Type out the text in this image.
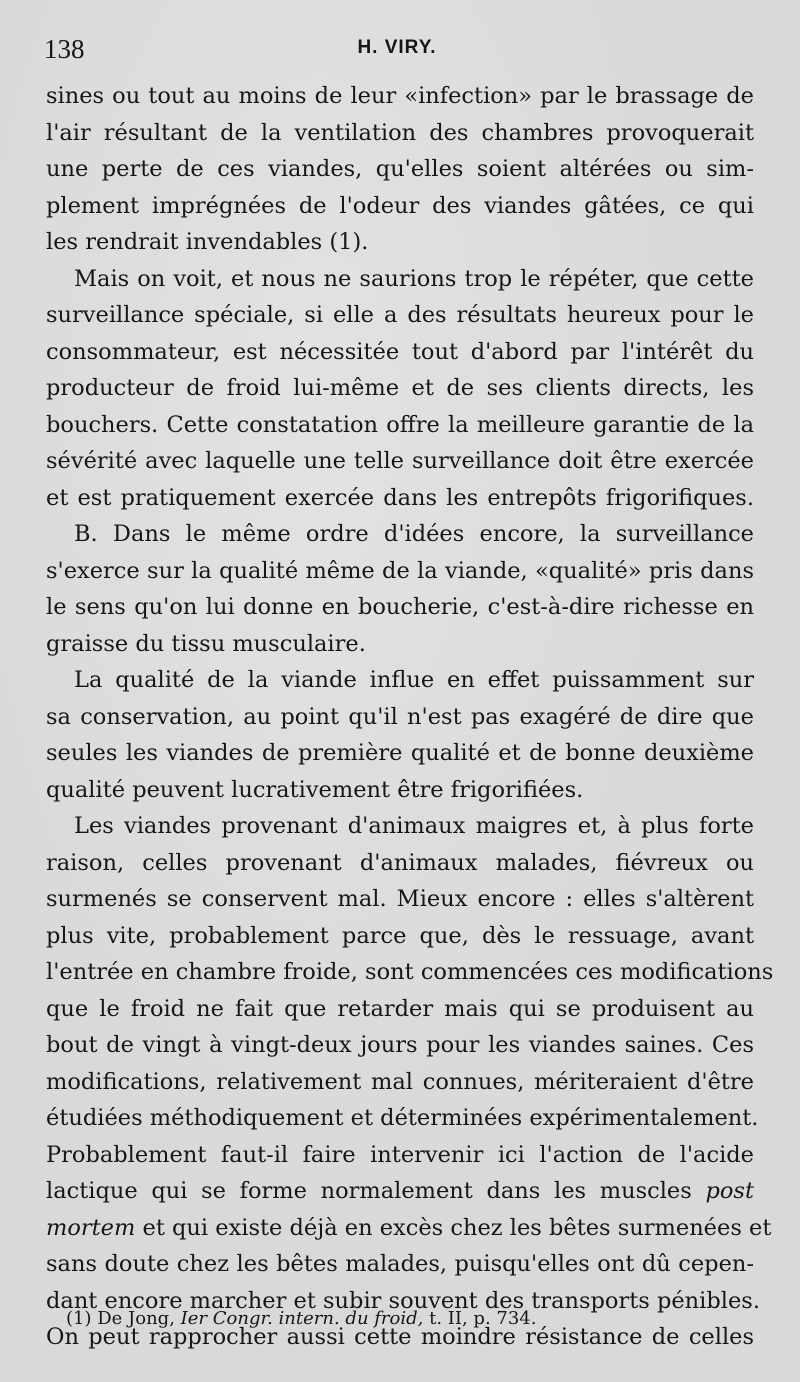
138	H. VIRY.
sines ou tout au moins de leur «infection» par le brassage de
l'air résultant de la ventilation des chambres provoquerait
une perte de ces viandes, qu'elles soient altérées ou sim-
plement imprégnées de l'odeur des viandes gâtées, ce qui
les rendrait invendables (1).
Mais on voit, et nous ne saurions trop le répéter, que cette
surveillance spéciale, si elle a des résultats heureux pour le
consommateur, est nécessitée tout d'abord par l'intérêt du
producteur de froid lui-même et de ses clients directs, les
bouchers. Cette constatation offre la meilleure garantie de la
sévérité avec laquelle une telle surveillance doit être exercée
et est pratiquement exercée dans les entrepôts frigorifiques.
B. Dans le même ordre d'idées encore, la surveillance
s'exerce sur la qualité même de la viande, «qualité» pris dans
le sens qu'on lui donne en boucherie, c'est-à-dire richesse en
graisse du tissu musculaire.
La qualité de la viande influe en effet puissamment sur
sa conservation, au point qu'il n'est pas exagéré de dire que
seules les viandes de première qualité et de bonne deuxième
qualité peuvent lucrativement être frigorifiées.
Les viandes provenant d'animaux maigres et, à plus forte
raison, celles provenant d'animaux malades, fiévreux ou
surmenés se conservent mal. Mieux encore : elles s'altèrent
plus vite, probablement parce que, dès le ressuage, avant
l'entrée en chambre froide, sont commencées ces modifications
que le froid ne fait que retarder mais qui se produisent au
bout de vingt à vingt-deux jours pour les viandes saines. Ces
modifications, relativement mal connues, mériteraient d'être
étudiées méthodiquement et déterminées expérimentalement.
Probablement faut-il faire intervenir ici l'action de l'acide
lactique qui se forme normalement dans les muscles post
mortem et qui existe déjà en excès chez les bêtes surmenées et
sans doute chez les bêtes malades, puisqu'elles ont dû cepen-
dant encore marcher et subir souvent des transports pénibles.
On peut rapprocher aussi cette moindre résistance de celles
(1) De Jong, Ier Congr. intern. du froid, t. II, p. 734.
